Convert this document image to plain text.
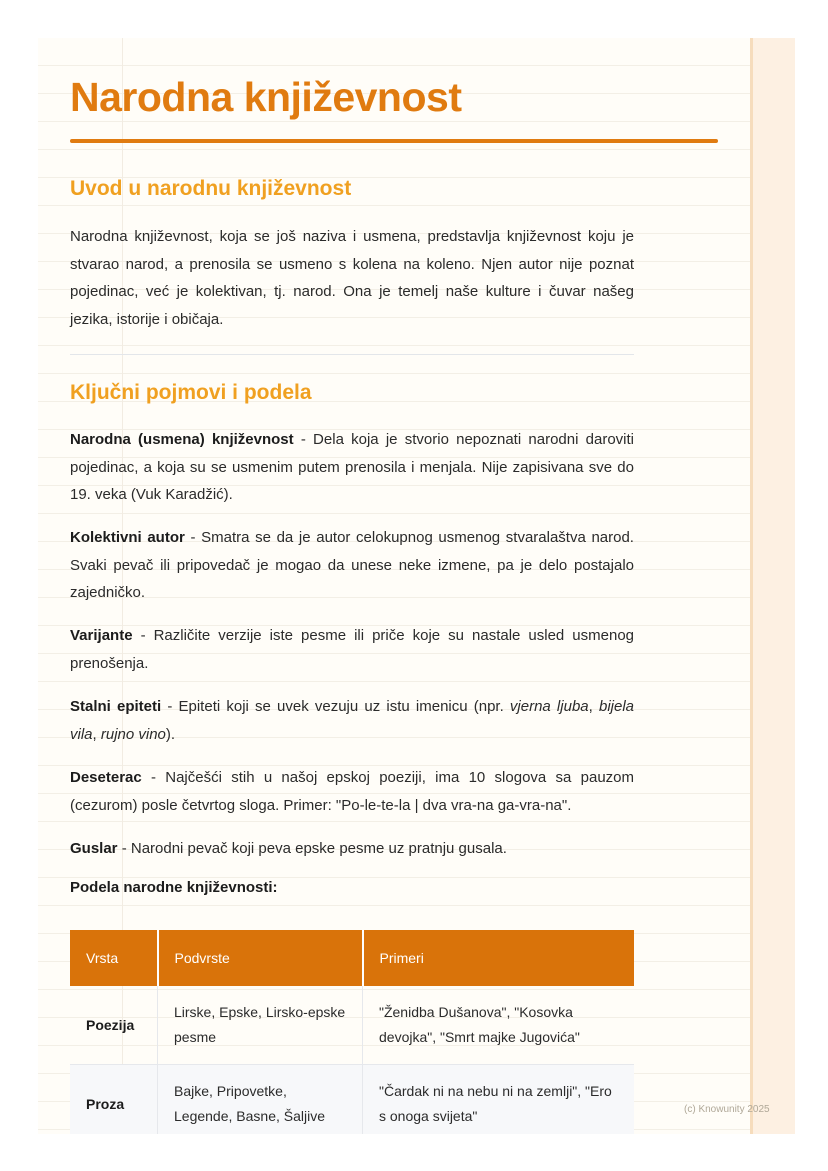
Narodna književnost
Uvod u narodnu književnost

Narodna književnost, koja se još naziva i usmena, predstavlja književnost koju je stvarao narod, a prenosila se usmeno s kolena na koleno. Njen autor nije poznat pojedinac, već je kolektivan, tj. narod. Ona je temelj naše kulture i čuvar našeg jezika, istorije i običaja.

Ključni pojmovi i podela

Narodna (usmena) književnost - Dela koja je stvorio nepoznati narodni daroviti pojedinac, a koja su se usmenim putem prenosila i menjala. Nije zapisivana sve do 19. veka (Vuk Karadžić).

Kolektivni autor - Smatra se da je autor celokupnog usmenog stvaralaštva narod. Svaki pevač ili pripovedač je mogao da unese neke izmene, pa je delo postajalo zajedničko.

Varijante - Različite verzije iste pesme ili priče koje su nastale usled usmenog prenošenja.

Stalni epiteti - Epiteti koji se uvek vezuju uz istu imenicu (npr. vjerna ljuba, bijela vila, rujno vino).

Deseterac - Najčešći stih u našoj epskoj poeziji, ima 10 slogova sa pauzom (cezurom) posle četvrtog sloga. Primer: "Po-le-te-la | dva vra-na ga-vra-na".

Guslar - Narodni pevač koji peva epske pesme uz pratnju gusala.

Podela narodne književnosti:

Vrsta	Podvrste	Primeri
Poezija	Lirske, Epske, Lirsko-epske pesme	"Ženidba Dušanova", "Kosovka devojka", "Smrt majke Jugovića"
Proza	Bajke, Pripovetke, Legende, Basne, Šaljive	"Čardak ni na nebu ni na zemlji", "Ero s onoga svijeta"	(c) Knowunity 2025
